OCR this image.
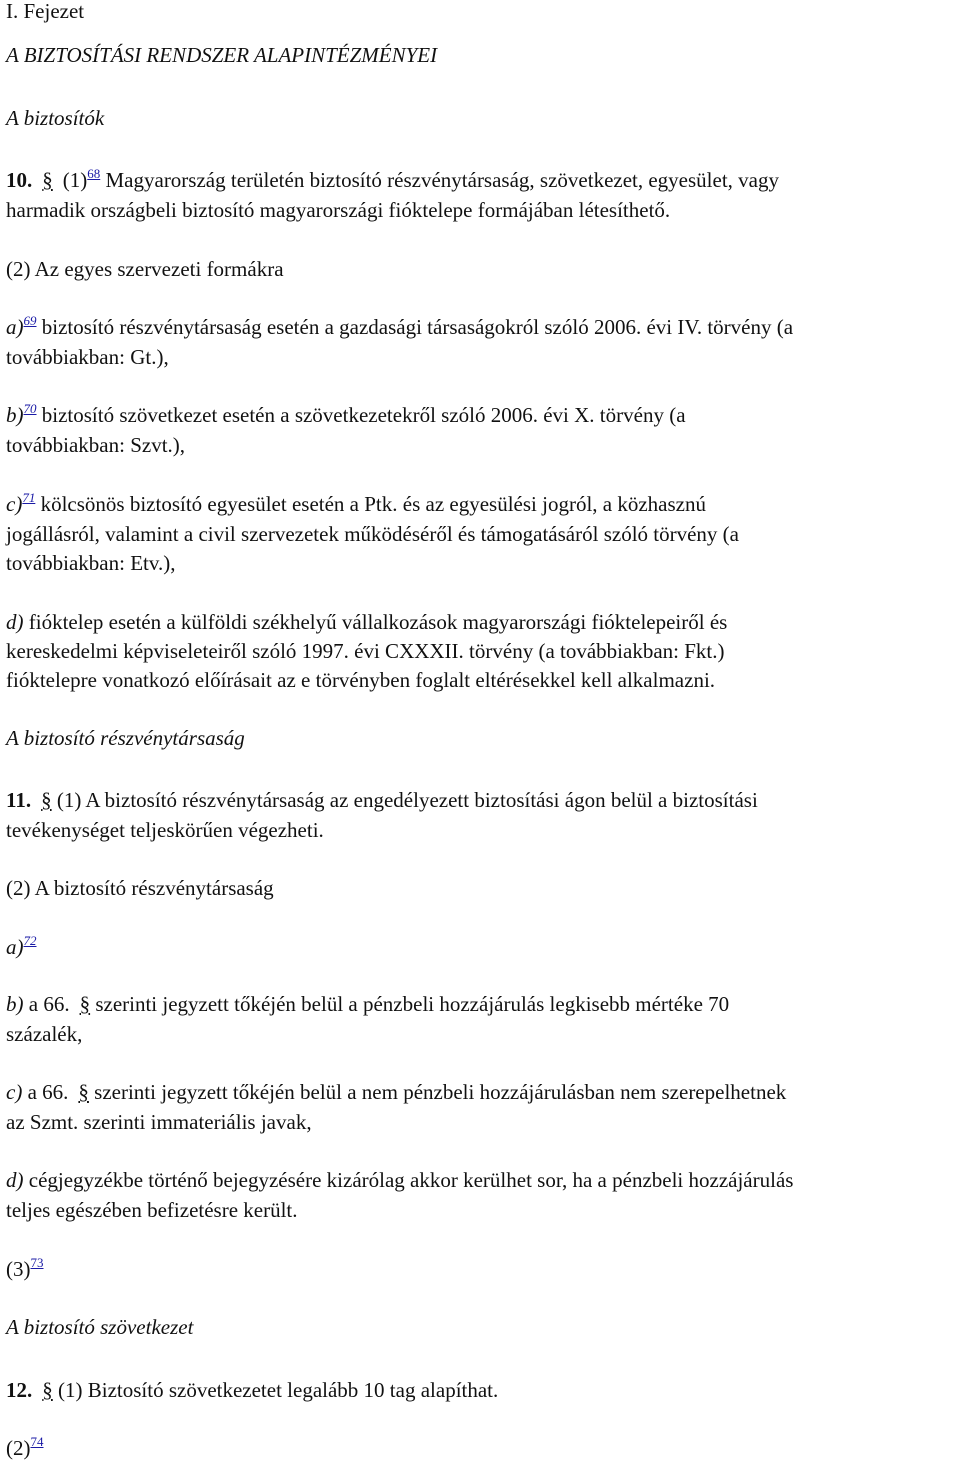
I. Fejezet
A BIZTOSÍTÁSI RENDSZER ALAPINTÉZMÉNYEI
A biztosítók
10. § $(1)^{68}$ Magyarország területén biztosító részvénytársaság, szövetkezet, egyesület, vagy
harmadik országbeli biztosító magyarországi fióktelepe formájában létesíthető.
(2) Az egyes szervezeti formákra
a)$^{69}$ biztosító részvénytársaság esetén a gazdasági társaságokról szóló 2006. évi IV. törvény (a
továbbiakban: Gt.),
b)$^{70}$ biztosító szövetkezet esetén a szövetkezetekről szóló 2006. évi X. törvény (a
továbbiakban: Szvt.),
c)$^{71}$ kölcsönös biztosító egyesület esetén a Ptk. és az egyesülési jogról, a közhasznú
jogállásról, valamint a civil szervezetek működéséről és támogatásáról szóló törvény (a
továbbiakban: Etv.),
d) fióktelep esetén a külföldi székhelyű vállalkozások magyarországi fióktelepeiről és
kereskedelmi képviseleteiről szóló 1997. évi CXXXII. törvény (a továbbiakban: Fkt.)
fióktelepre vonatkozó előírásait az e törvényben foglalt eltérésekkel kell alkalmazni.
A biztosító részvénytársaság
11. § (1) A biztosító részvénytársaság az engedélyezett biztosítási ágon belül a biztosítási
tevékenységet teljeskörűen végezheti.
(2) A biztosító részvénytársaság
a)$^{72}$
b) a 66. § szerinti jegyzett tőkéjén belül a pénzbeli hozzájárulás legkisebb mértéke 70
százalék,
c) a 66. § szerinti jegyzett tőkéjén belül a nem pénzbeli hozzájárulásban nem szerepelhetnek
az Szmt. szerinti immateriális javak,
d) cégjegyzékbe történő bejegyzésére kizárólag akkor kerülhet sor, ha a pénzbeli hozzájárulás
teljes egészében befizetésre került.
$(3)^{73}$
A biztosító szövetkezet
12. § (1) Biztosító szövetkezetet legalább 10 tag alapíthat.
$(2)^{74}$
